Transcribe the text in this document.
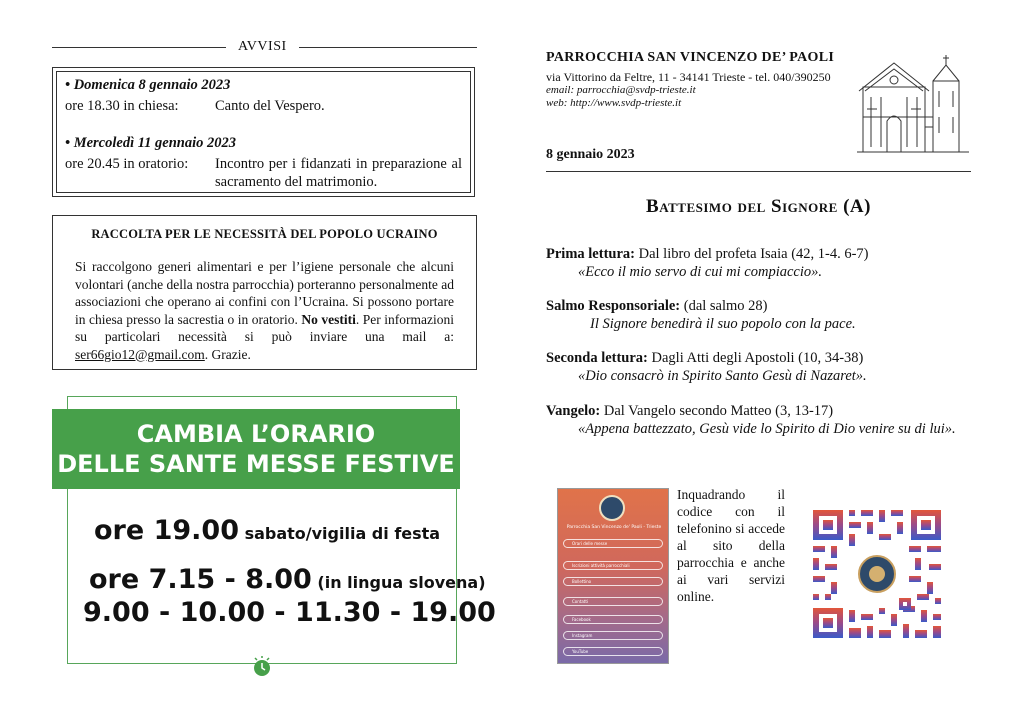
AVVISI
• Domenica 8 gennaio 2023
ore 18.30 in chiesa:	Canto del Vespero.
• Mercoledì 11 gennaio 2023
ore 20.45 in oratorio:	Incontro per i fidanzati in preparazione al sacramento del matrimonio.
RACCOLTA PER LE NECESSITÀ DEL POPOLO UCRAINO

Si raccolgono generi alimentari e per l’igiene personale che alcuni volontari (anche della nostra parrocchia) porteranno personalmente ad associazioni che operano ai confini con l’Ucraina. Si possono portare in chiesa presso la sacrestia o in oratorio. No vestiti. Per informazioni su particolari necessità si può inviare una mail a: ser66gio12@gmail.com. Grazie.

CAMBIA L’ORARIO
DELLE SANTE MESSE FESTIVE
ore 19.00 sabato/vigilia di festa
ore 7.15 - 8.00 (in lingua slovena)
9.00 - 10.00 - 11.30 - 19.00
PARROCCHIA SAN VINCENZO DE’ PAOLI
via Vittorino da Feltre, 11 - 34141 Trieste - tel. 040/390250
email: parrocchia@svdp-trieste.it
web: http://www.svdp-trieste.it
8 gennaio 2023
Battesimo del Signore (A)
Prima lettura: Dal libro del profeta Isaia (42, 1-4. 6-7)
«Ecco il mio servo di cui mi compiaccio».
Salmo Responsoriale: (dal salmo 28)
Il Signore benedirà il suo popolo con la pace.
Seconda lettura: Dagli Atti degli Apostoli (10, 34-38)
«Dio consacrò in Spirito Santo Gesù di Nazaret».
Vangelo: Dal Vangelo secondo Matteo (3, 13-17)
«Appena battezzato, Gesù vide lo Spirito di Dio venire su di lui».
Parrocchia San Vincenzo de' Paoli - Trieste
Orari delle messe
Iscrizioni attività parrocchiali
Bollettino
Contatti
Facebook
Instagram
YouTube
Inquadrando il codice con il telefonino si accede al sito della parrocchia e anche ai vari servizi online.
